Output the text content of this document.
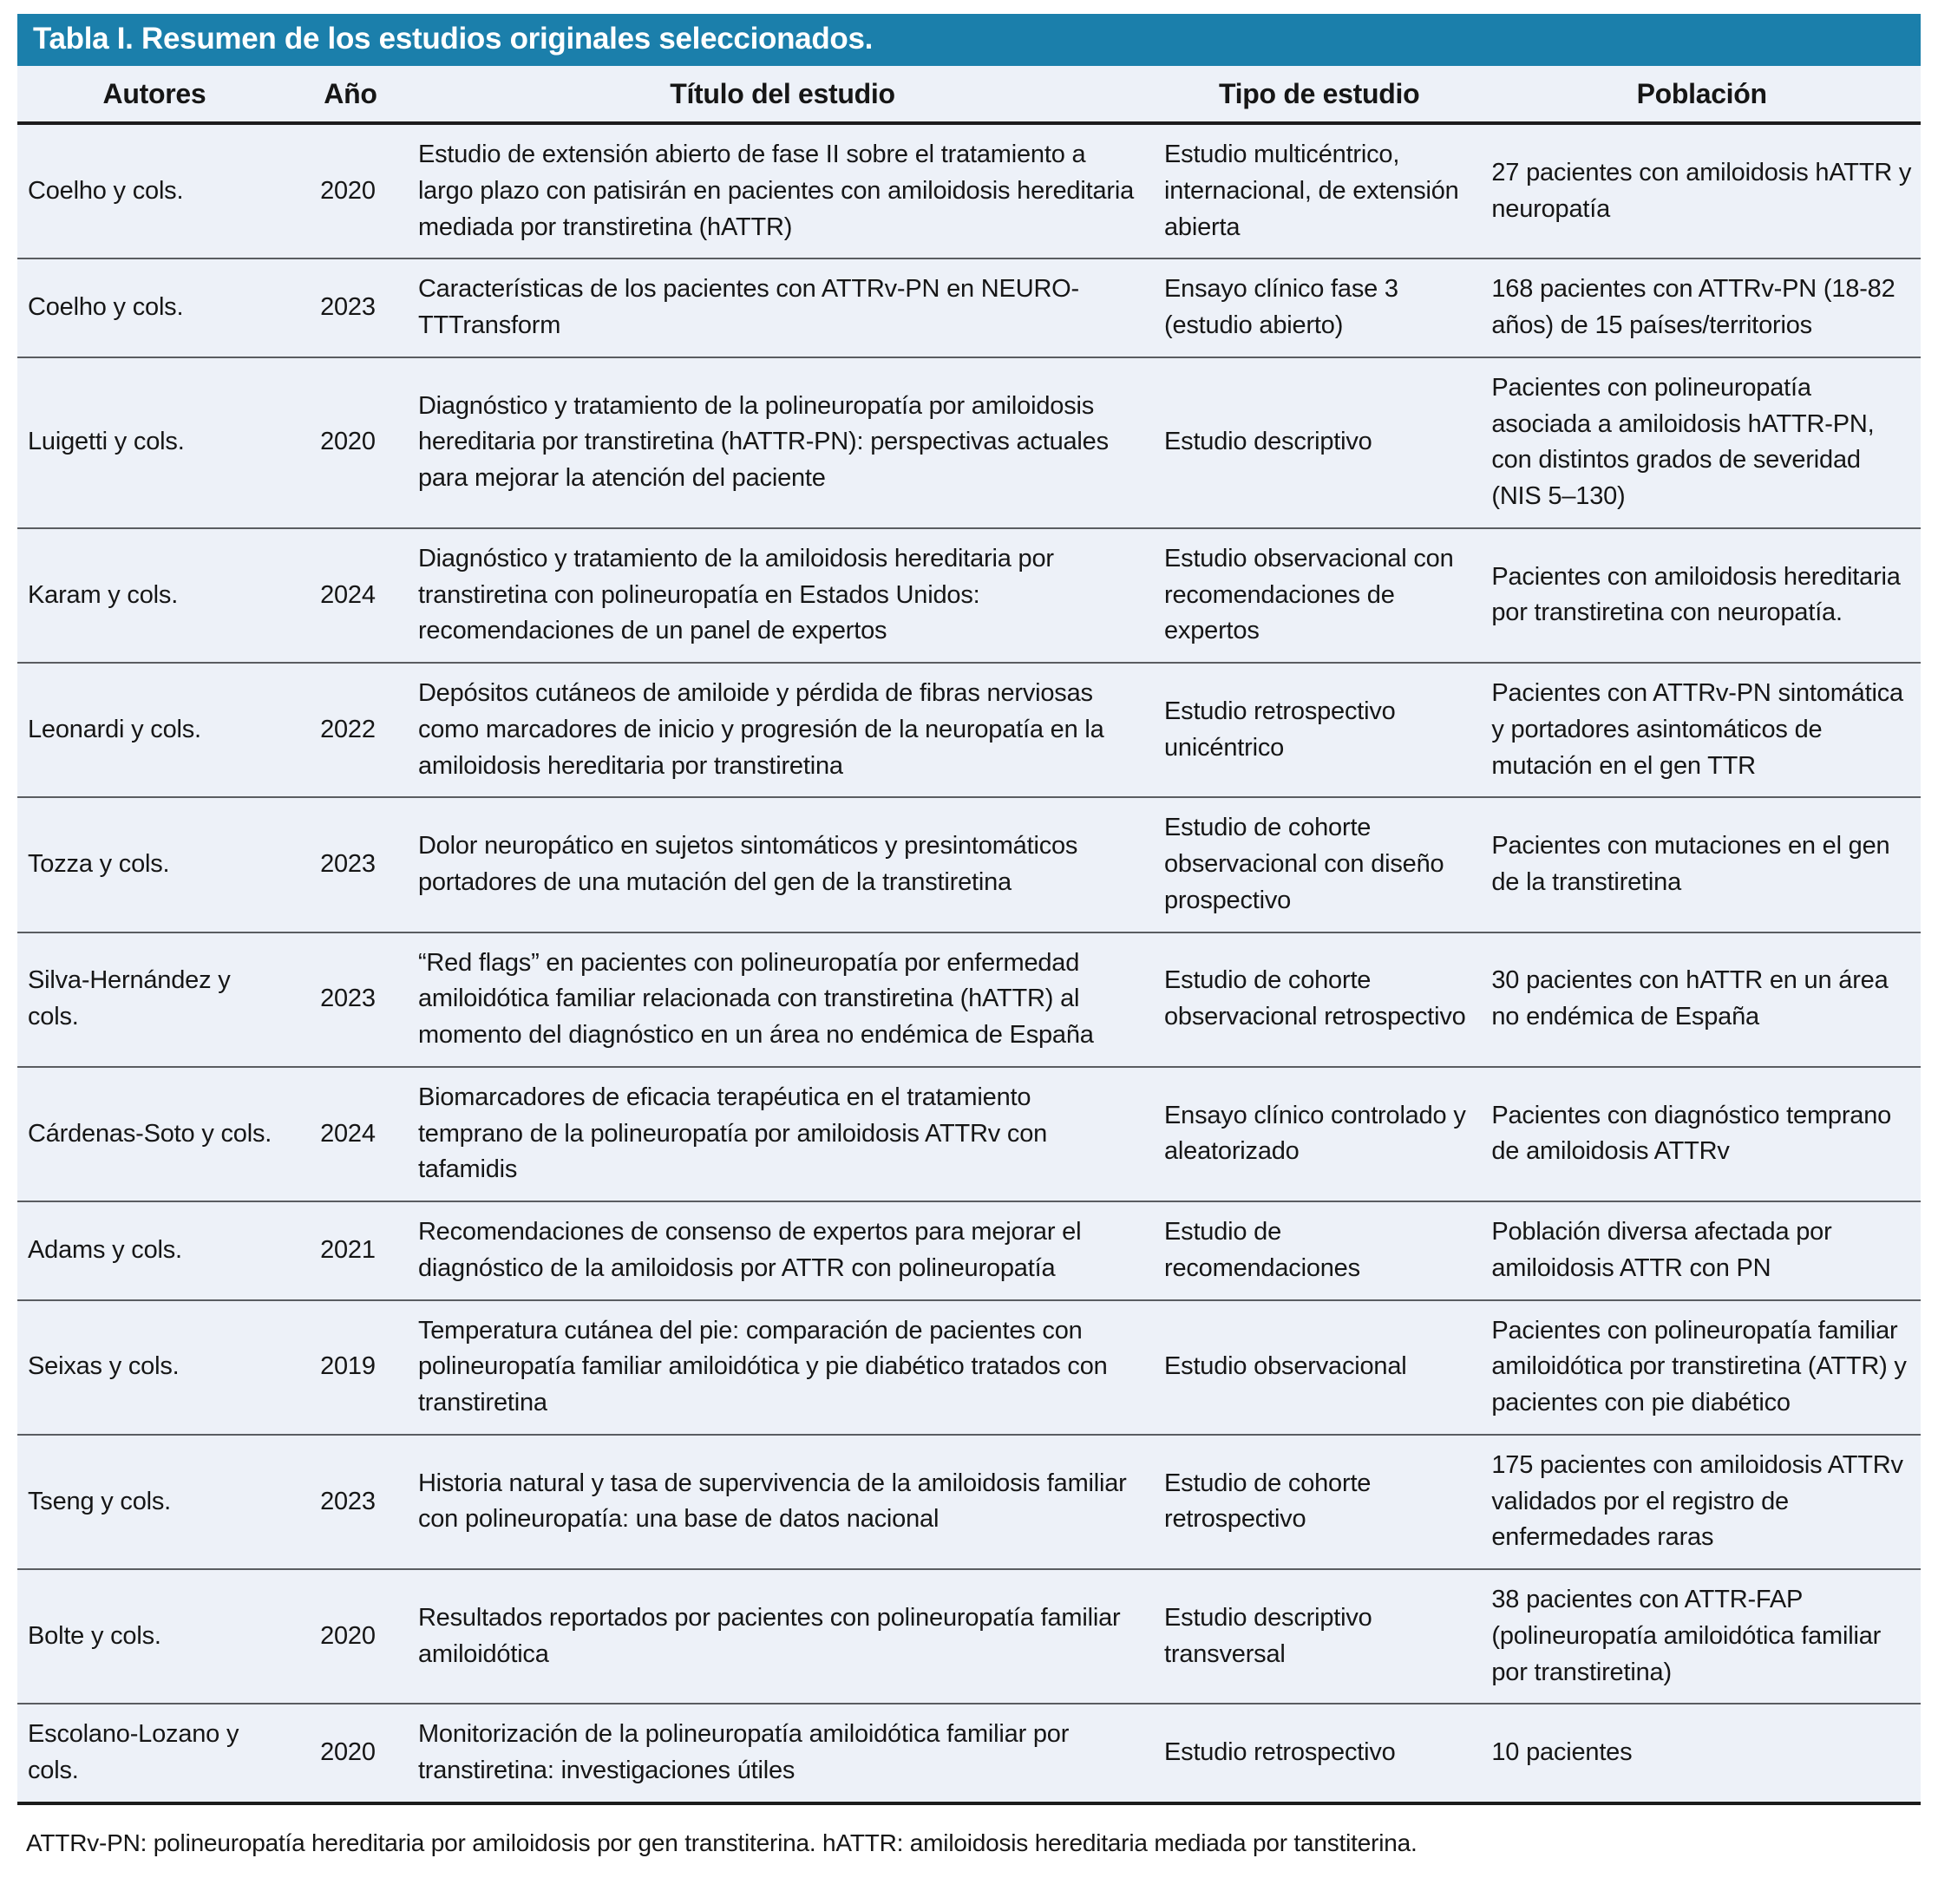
Tabla I. Resumen de los estudios originales seleccionados.
Autores	Año	Título del estudio	Tipo de estudio	Población
Coelho y cols.	2020	Estudio de extensión abierto de fase II sobre el tratamiento a largo plazo con patisirán en pacientes con amiloidosis hereditaria mediada por transtiretina (hATTR)	Estudio multicéntrico, internacional, de extensión abierta	27 pacientes con amiloidosis hATTR y neuropatía
Coelho y cols.	2023	Características de los pacientes con ATTRv-PN en NEURO-TTTransform	Ensayo clínico fase 3 (estudio abierto)	168 pacientes con ATTRv-PN (18-82 años) de 15 países/territorios
Luigetti y cols.	2020	Diagnóstico y tratamiento de la polineuropatía por amiloidosis hereditaria por transtiretina (hATTR-PN): perspectivas actuales para mejorar la atención del paciente	Estudio descriptivo	Pacientes con polineuropatía asociada a amiloidosis hATTR-PN, con distintos grados de severidad (NIS 5–130)
Karam y cols.	2024	Diagnóstico y tratamiento de la amiloidosis hereditaria por transtiretina con polineuropatía en Estados Unidos: recomendaciones de un panel de expertos	Estudio observacional con recomendaciones de expertos	Pacientes con amiloidosis hereditaria por transtiretina con neuropatía.
Leonardi y cols.	2022	Depósitos cutáneos de amiloide y pérdida de fibras nerviosas como marcadores de inicio y progresión de la neuropatía en la amiloidosis hereditaria por transtiretina	Estudio retrospectivo unicéntrico	Pacientes con ATTRv-PN sintomática y portadores asintomáticos de mutación en el gen TTR
Tozza y cols.	2023	Dolor neuropático en sujetos sintomáticos y presintomáticos portadores de una mutación del gen de la transtiretina	Estudio de cohorte observacional con diseño prospectivo	Pacientes con mutaciones en el gen de la transtiretina
Silva-Hernández y cols.	2023	“Red flags” en pacientes con polineuropatía por enfermedad amiloidótica familiar relacionada con transtiretina (hATTR) al momento del diagnóstico en un área no endémica de España	Estudio de cohorte observacional retrospectivo	30 pacientes con hATTR en un área no endémica de España
Cárdenas-Soto y cols.	2024	Biomarcadores de eficacia terapéutica en el tratamiento temprano de la polineuropatía por amiloidosis ATTRv con tafamidis	Ensayo clínico controlado y aleatorizado	Pacientes con diagnóstico temprano de amiloidosis ATTRv
Adams y cols.	2021	Recomendaciones de consenso de expertos para mejorar el diagnóstico de la amiloidosis por ATTR con polineuropatía	Estudio de recomendaciones	Población diversa afectada por amiloidosis ATTR con PN
Seixas y cols.	2019	Temperatura cutánea del pie: comparación de pacientes con polineuropatía familiar amiloidótica y pie diabético tratados con transtiretina	Estudio observacional	Pacientes con polineuropatía familiar amiloidótica por transtiretina (ATTR) y pacientes con pie diabético
Tseng y cols.	2023	Historia natural y tasa de supervivencia de la amiloidosis familiar con polineuropatía: una base de datos nacional	Estudio de cohorte retrospectivo	175 pacientes con amiloidosis ATTRv validados por el registro de enfermedades raras
Bolte y cols.	2020	Resultados reportados por pacientes con polineuropatía familiar amiloidótica	Estudio descriptivo transversal	38 pacientes con ATTR-FAP (polineuropatía amiloidótica familiar por transtiretina)
Escolano-Lozano y cols.	2020	Monitorización de la polineuropatía amiloidótica familiar por transtiretina: investigaciones útiles	Estudio retrospectivo	10 pacientes
ATTRv-PN: polineuropatía hereditaria por amiloidosis por gen transtiterina. hATTR: amiloidosis hereditaria mediada por tanstiterina.
